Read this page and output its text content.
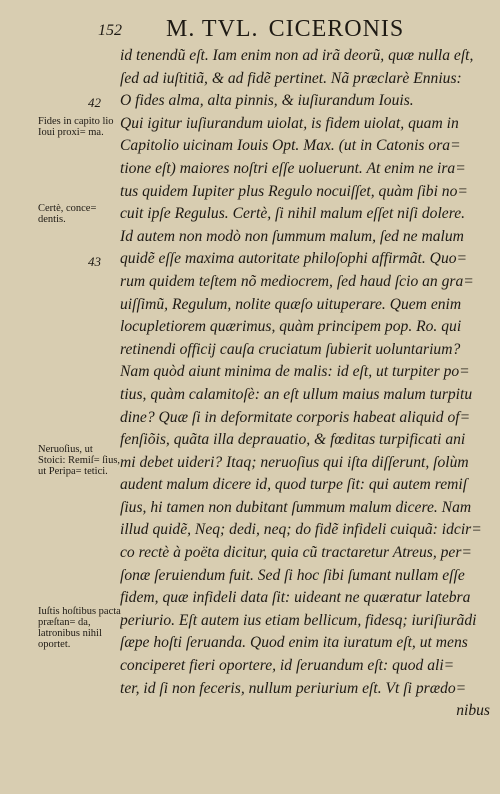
152 M. TVL. CICERONIS
42
43
Fides in capito lio Ioui proxi= ma.
Certè, conce= dentis.
Neruoſius, ut Stoici: Remiſ= ſius, ut Peripa= tetici.
Iuſtis hoſtibus pacta præſtan= da, latronibus nihil oportet.
id tenendũ eſt. Iam enim non ad irã deorũ, quæ nulla eſt,
ſed ad iuſtitiã, & ad fidẽ pertinet. Nã præclarè Ennius:
O fides alma, alta pinnis, & iuſiurandum Iouis.
Qui igitur iuſiurandum uiolat, is fidem uiolat, quam in
Capitolio uicinam Iouis Opt. Max. (ut in Catonis ora=
tione eſt) maiores noſtri eſſe uoluerunt. At enim ne ira=
tus quidem Iupiter plus Regulo nocuiſſet, quàm ſibi no=
cuit ipſe Regulus. Certè, ſi nihil malum eſſet niſi dolere.
Id autem non modò non ſummum malum, ſed ne malum
quidẽ eſſe maxima autoritate philoſophi affirmãt. Quo=
rum quidem teſtem nõ mediocrem, ſed haud ſcio an gra=
uiſſimũ, Regulum, nolite quæſo uituperare. Quem enim
locupletiorem quærimus, quàm principem pop. Ro. qui
retinendi officij cauſa cruciatum ſubierit uoluntarium?
Nam quòd aiunt minima de malis: id eſt, ut turpiter po=
tius, quàm calamitoſè: an eſt ullum maius malum turpitu
dine? Quæ ſi in deformitate corporis habeat aliquid of=
fenſiõis, quãta illa deprauatio, & fœditas turpificati ani
mi debet uideri? Itaq; neruoſius qui iſta diſſerunt, ſolùm
audent malum dicere id, quod turpe ſit: qui autem remiſ
ſius, hi tamen non dubitant ſummum malum dicere. Nam
illud quidẽ, Neq; dedi, neq; do fidẽ infideli cuiquã: idcir=
co rectè à poëta dicitur, quia cũ tractaretur Atreus, per=
ſonæ ſeruiendum fuit. Sed ſi hoc ſibi ſumant nullam eſſe
fidem, quæ infideli data ſit: uideant ne quæratur latebra
periurio. Eſt autem ius etiam bellicum, fidesq; iuriſiurãdi
ſæpe hoſti ſeruanda. Quod enim ita iuratum eſt, ut mens
conciperet fieri oportere, id ſeruandum eſt: quod ali=
ter, id ſi non feceris, nullum periurium eſt. Vt ſi prædo=
nibus
